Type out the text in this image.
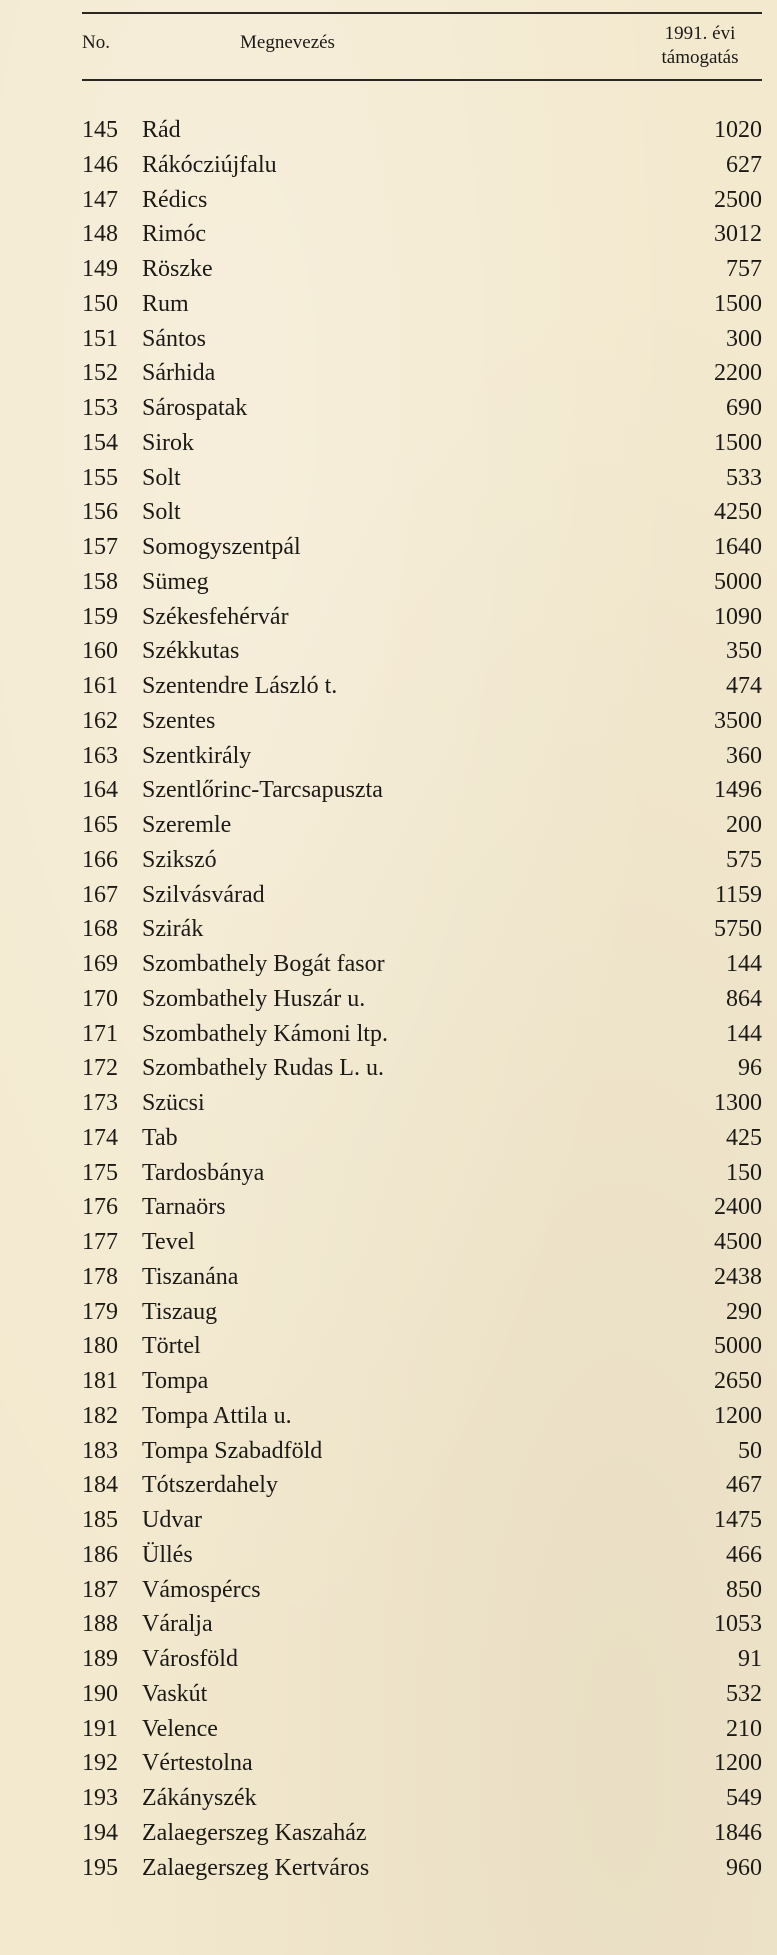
No.	Megnevezés	1991. évi
támogatás
145	Rád	1020
146	Rákócziújfalu	627
147	Rédics	2500
148	Rimóc	3012
149	Röszke	757
150	Rum	1500
151	Sántos	300
152	Sárhida	2200
153	Sárospatak	690
154	Sirok	1500
155	Solt	533
156	Solt	4250
157	Somogyszentpál	1640
158	Sümeg	5000
159	Székesfehérvár	1090
160	Székkutas	350
161	Szentendre László t.	474
162	Szentes	3500
163	Szentkirály	360
164	Szentlőrinc-Tarcsapuszta	1496
165	Szeremle	200
166	Szikszó	575
167	Szilvásvárad	1159
168	Szirák	5750
169	Szombathely Bogát fasor	144
170	Szombathely Huszár u.	864
171	Szombathely Kámoni ltp.	144
172	Szombathely Rudas L. u.	96
173	Szücsi	1300
174	Tab	425
175	Tardosbánya	150
176	Tarnaörs	2400
177	Tevel	4500
178	Tiszanána	2438
179	Tiszaug	290
180	Törtel	5000
181	Tompa	2650
182	Tompa Attila u.	1200
183	Tompa Szabadföld	50
184	Tótszerdahely	467
185	Udvar	1475
186	Üllés	466
187	Vámospércs	850
188	Váralja	1053
189	Városföld	91
190	Vaskút	532
191	Velence	210
192	Vértestolna	1200
193	Zákányszék	549
194	Zalaegerszeg Kaszaház	1846
195	Zalaegerszeg Kertváros	960
